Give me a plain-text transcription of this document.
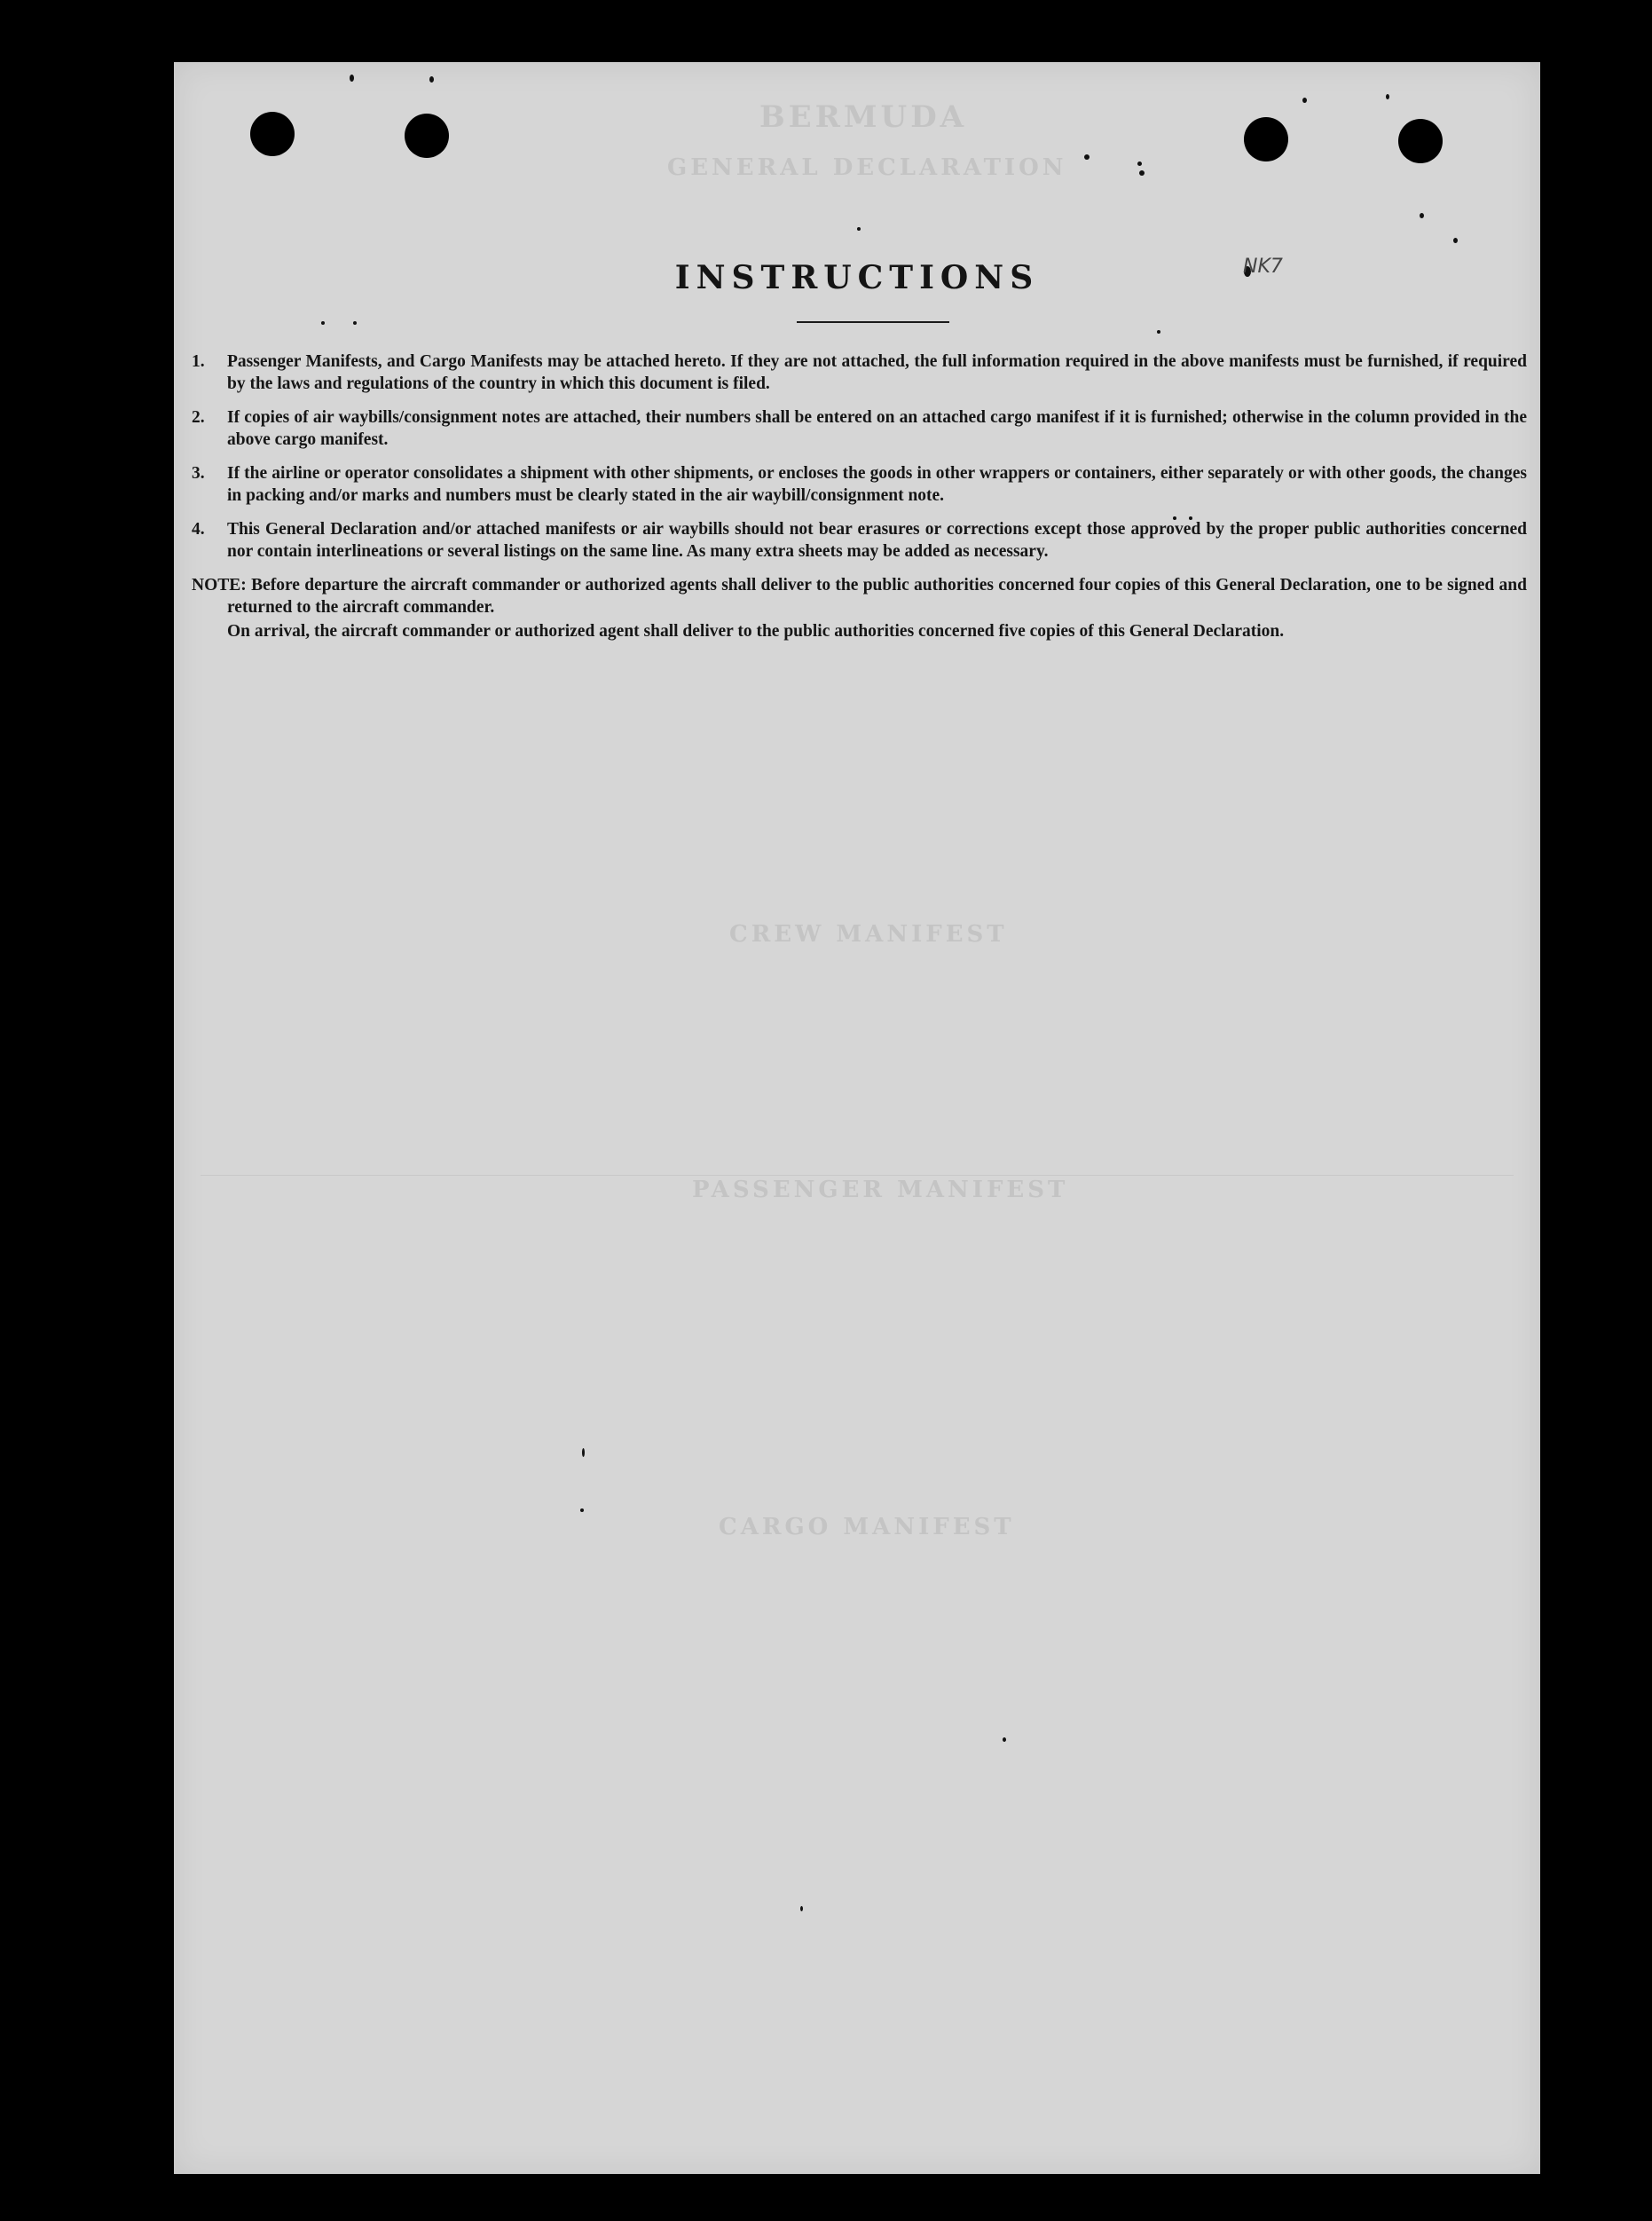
BERMUDA
GENERAL DECLARATION
CREW MANIFEST
PASSENGER MANIFEST
CARGO MANIFEST
INSTRUCTIONS	NK7
1.	Passenger Manifests, and Cargo Manifests may be attached hereto. If they are not attached, the full information required in the above manifests must be furnished, if required by the laws and regulations of the country in which this document is filed.
2.	If copies of air waybills/consignment notes are attached, their numbers shall be entered on an attached cargo manifest if it is furnished; otherwise in the column provided in the above cargo manifest.
3.	If the airline or operator consolidates a shipment with other shipments, or encloses the goods in other wrappers or containers, either separately or with other goods, the changes in packing and/or marks and numbers must be clearly stated in the air waybill/consignment note.
4.	This General Declaration and/or attached manifests or air waybills should not bear erasures or corrections except those approved by the proper public authorities concerned nor contain interlineations or several listings on the same line. As many extra sheets may be added as necessary.
NOTE: Before departure the aircraft commander or authorized agents shall deliver to the public authorities concerned four copies of this General Declaration, one to be signed and returned to the aircraft commander.
On arrival, the aircraft commander or authorized agent shall deliver to the public authorities concerned five copies of this General Declaration.
